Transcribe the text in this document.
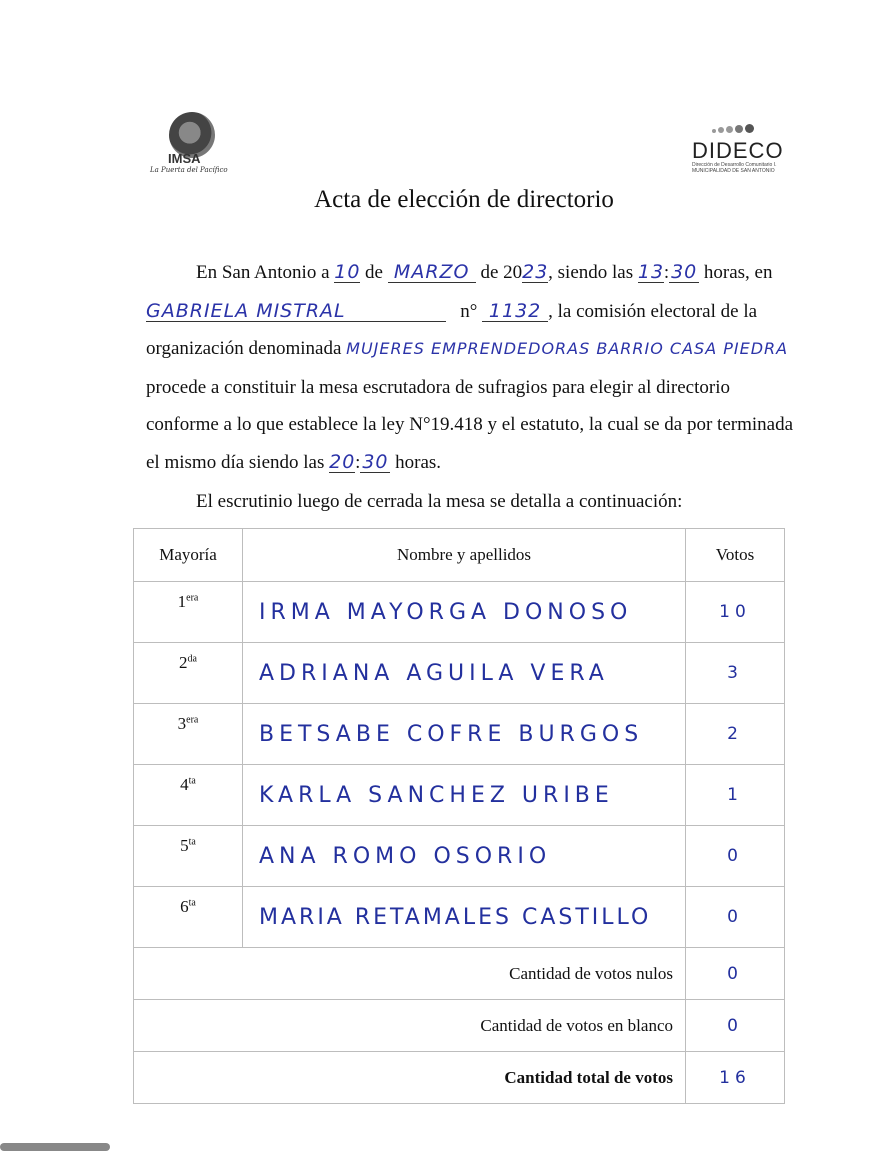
IMSA
La Puerta del Pacífico
DIDECO
Dirección de Desarrollo Comunitario I. MUNICIPALIDAD DE SAN ANTONIO
Acta de elección de directorio
En San Antonio a 10 de MARZO de 2023, siendo las 13: 30 horas, en
GABRIELA MISTRAL	n° 1132 , la comisión electoral de la
organización denominada MUJERES EMPRENDEDORAS BARRIO CASA PIEDRA
procede a constituir la mesa escrutadora de sufragios para elegir al directorio
conforme a lo que establece la ley N°19.418 y el estatuto, la cual se da por terminada
el mismo día siendo las 20: 30 horas.
El escrutinio luego de cerrada la mesa se detalla a continuación:
Mayoría	Nombre y apellidos	Votos
$1^{era}$	IRMA MAYORGA DONOSO	10
$2^{da}$	ADRIANA AGUILA VERA	3
$3^{era}$	BETSABE COFRE BURGOS	2
$4^{ta}$	KARLA SANCHEZ URIBE	1
$5^{ta}$	ANA ROMO OSORIO	0
$6^{ta}$	MARIA RETAMALES CASTILLO	0
Cantidad de votos nulos		0
Cantidad de votos en blanco		0
Cantidad total de votos		16
